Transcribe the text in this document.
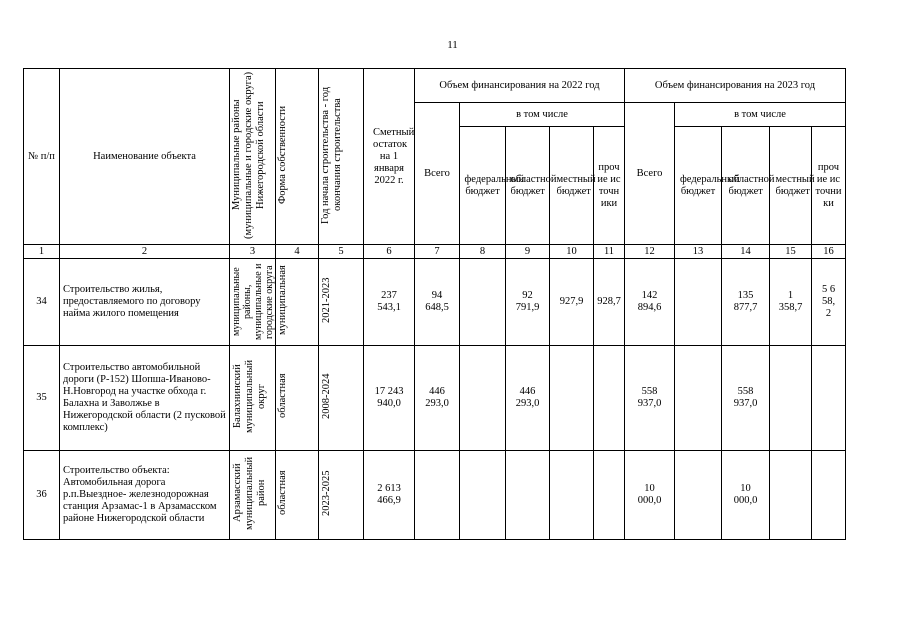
11
№ п/п	Наименование объекта	Муниципальные районы (муниципальные и городские округа) Нижегородской области	Форма собственности	Год начала строительства - год окончания строительства	Сметный остаток на 1 января 2022 г.	Объем финансирования на 2022 год					Объем финансирования на 2023 год				
						Всего	в том числе				Всего	в том числе			
							федеральный бюджет	областной бюджет	местный бюджет	прочие источники		федеральный бюджет	областной бюджет	местный бюджет	прочие источники
1	2	3	4	5	6	7	8	9	10	11	12	13	14	15	16
34	Строительство жилья, предоставляемого по договору найма жилого помещения	муниципальные районы, муниципальные и городские округа	муниципальная	2021-2023	237 543,1	94 648,5		92 791,9	927,9	928,7	142 894,6		135 877,7	1 358,7	5 658,2
35	Строительство автомобильной дороги (Р-152) Шопша-Иваново-Н.Новгород на участке обхода г. Балахна и Заволжье в Нижегородской области (2 пусковой комплекс)	Балахнинский муниципальный округ	областная	2008-2024	17 243 940,0	446 293,0		446 293,0			558 937,0		558 937,0		
36	Строительство объекта: Автомобильная дорога р.п.Выездное- железнодорожная станция Арзамас-1 в Арзамасском районе Нижегородской области	Арзамасский муниципальный район	областная	2023-2025	2 613 466,9						10 000,0		10 000,0		
